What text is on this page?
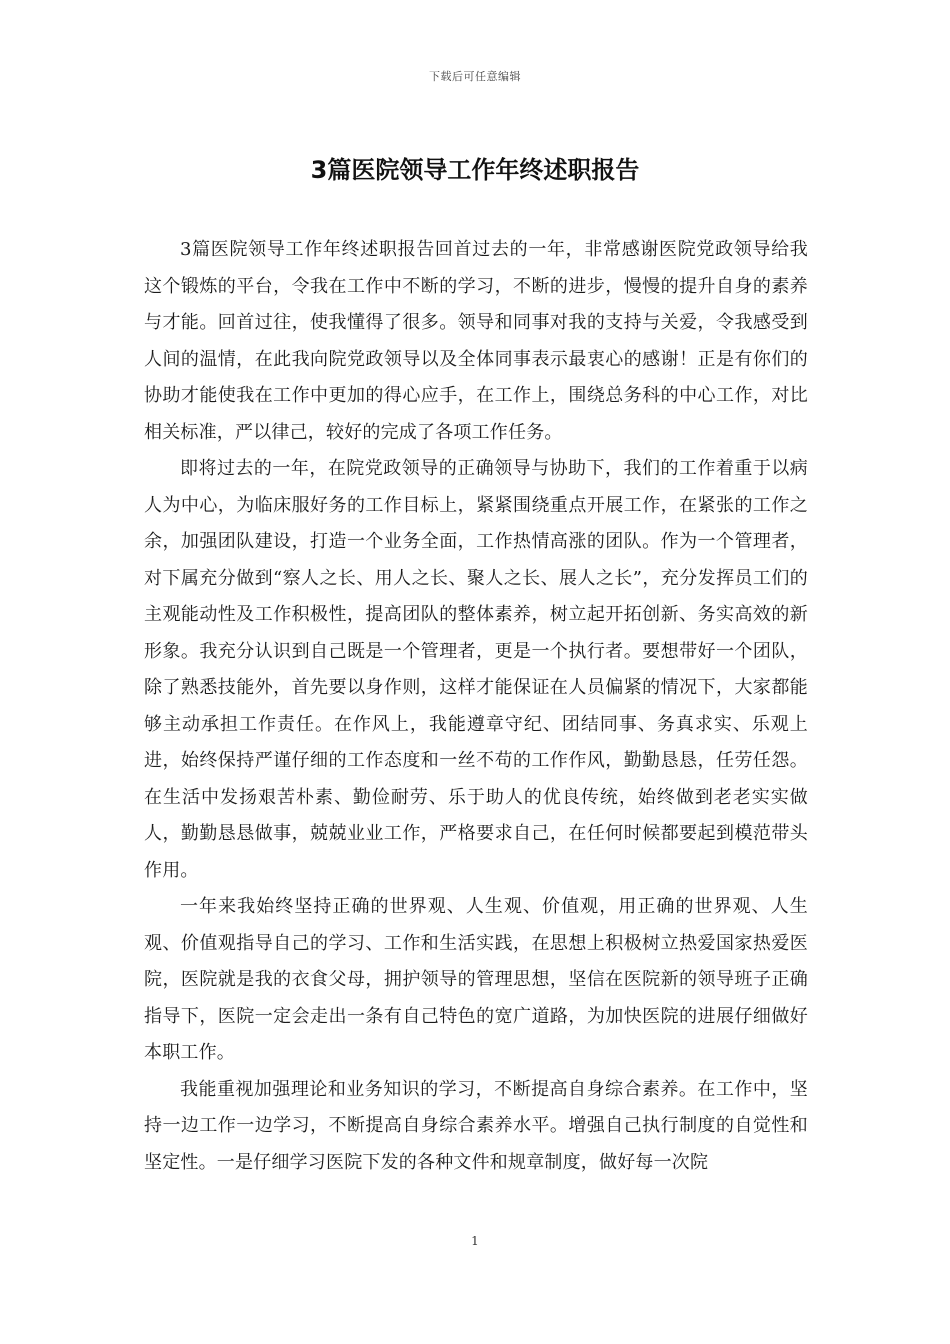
下载后可任意编辑
3篇医院领导工作年终述职报告

3篇医院领导工作年终述职报告回首过去的一年，非常感谢医院党政领导给我这个锻炼的平台，令我在工作中不断的学习，不断的进步，慢慢的提升自身的素养与才能。回首过往，使我懂得了很多。领导和同事对我的支持与关爱，令我感受到人间的温情，在此我向院党政领导以及全体同事表示最衷心的感谢！正是有你们的协助才能使我在工作中更加的得心应手，在工作上，围绕总务科的中心工作，对比相关标准，严以律己，较好的完成了各项工作任务。

即将过去的一年，在院党政领导的正确领导与协助下，我们的工作着重于以病人为中心，为临床服好务的工作目标上，紧紧围绕重点开展工作，在紧张的工作之余，加强团队建设，打造一个业务全面，工作热情高涨的团队。作为一个管理者，对下属充分做到“察人之长、用人之长、聚人之长、展人之长”，充分发挥员工们的主观能动性及工作积极性，提高团队的整体素养，树立起开拓创新、务实高效的新形象。我充分认识到自己既是一个管理者，更是一个执行者。要想带好一个团队，除了熟悉技能外，首先要以身作则，这样才能保证在人员偏紧的情况下，大家都能够主动承担工作责任。在作风上，我能遵章守纪、团结同事、务真求实、乐观上进，始终保持严谨仔细的工作态度和一丝不苟的工作作风，勤勤恳恳，任劳任怨。在生活中发扬艰苦朴素、勤俭耐劳、乐于助人的优良传统，始终做到老老实实做人，勤勤恳恳做事，兢兢业业工作，严格要求自己，在任何时候都要起到模范带头作用。

一年来我始终坚持正确的世界观、人生观、价值观，用正确的世界观、人生观、价值观指导自己的学习、工作和生活实践，在思想上积极树立热爱国家热爱医院，医院就是我的衣食父母，拥护领导的管理思想，坚信在医院新的领导班子正确指导下，医院一定会走出一条有自己特色的宽广道路，为加快医院的进展仔细做好本职工作。

我能重视加强理论和业务知识的学习，不断提高自身综合素养。在工作中，坚持一边工作一边学习，不断提高自身综合素养水平。增强自己执行制度的自觉性和坚定性。一是仔细学习医院下发的各种文件和规章制度，做好每一次院

1
